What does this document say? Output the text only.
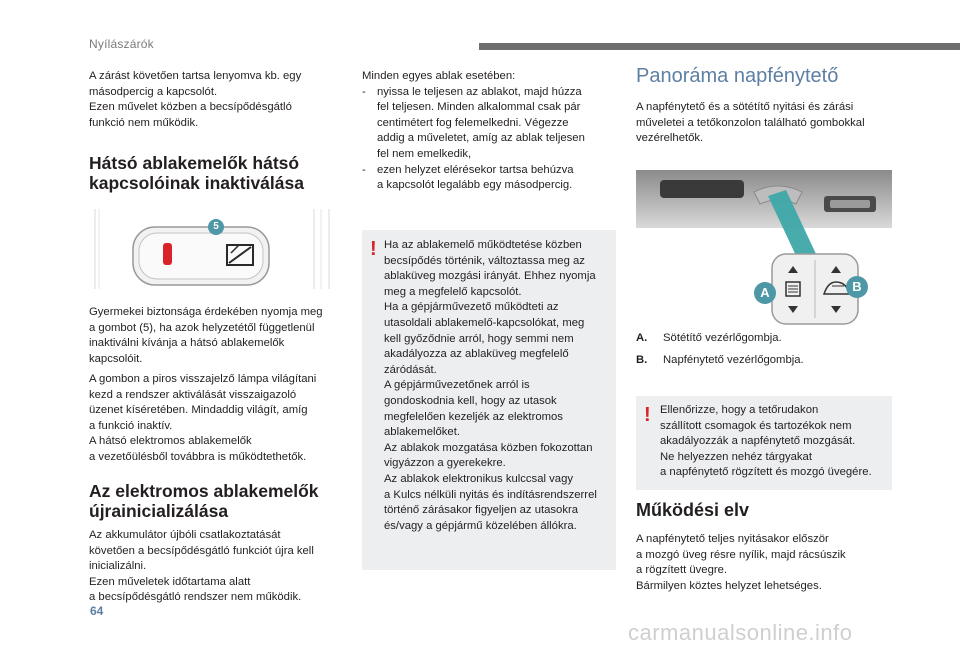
Nyílászárók

A zárást követően tartsa lenyomva kb. egy

másodpercig a kapcsolót.

Ezen művelet közben a becsípődésgátló

funkció nem működik.

Hátsó ablakemelők hátsó

kapcsolóinak inaktiválása

5

Gyermekei biztonsága érdekében nyomja meg

a gombot (5), ha azok helyzetétől függetlenül

inaktiválni kívánja a hátsó ablakemelők

kapcsolóit.

A gombon a piros visszajelző lámpa világítani

kezd a rendszer aktiválását visszaigazoló

üzenet kíséretében. Mindaddig világít, amíg

a funkció inaktív.

A hátsó elektromos ablakemelők

a vezetőülésből továbbra is működtethetők.

Az elektromos ablakemelők

újrainicializálása

Az akkumulátor újbóli csatlakoztatását

követően a becsípődésgátló funkciót újra kell

inicializálni.

Ezen műveletek időtartama alatt

a becsípődésgátló rendszer nem működik.

Minden egyes ablak esetében:

- nyissa le teljesen az ablakot, majd húzza
fel teljesen. Minden alkalommal csak pár
centimétert fog felemelkedni. Végezze
addig a műveletet, amíg az ablak teljesen
fel nem emelkedik,
- ezen helyzet elérésekor tartsa behúzva
a kapcsolót legalább egy másodpercig.
! Ha az ablakemelő működtetése közben

becsípődés történik, változtassa meg az

ablaküveg mozgási irányát. Ehhez nyomja

meg a megfelelő kapcsolót.

Ha a gépjárművezető működteti az

utasoldali ablakemelő-kapcsolókat, meg

kell győződnie arról, hogy semmi nem

akadályozza az ablaküveg megfelelő

záródását.

A gépjárművezetőnek arról is

gondoskodnia kell, hogy az utasok

megfelelően kezeljék az elektromos

ablakemelőket.

Az ablakok mozgatása közben fokozottan

vigyázzon a gyerekekre.

Az ablakok elektronikus kulccsal vagy

a Kulcs nélküli nyitás és indításrendszerrel

történő zárásakor figyeljen az utasokra

és/vagy a gépjármű közelében állókra.

Panoráma napfénytető

A napfénytető és a sötétítő nyitási és zárási

műveletei a tetőkonzolon található gombokkal

vezérelhetők.

A	B
A. Sötétítő vezérlőgombja.
B. Napfénytető vezérlőgombja.
! Ellenőrizze, hogy a tetőrudakon

szállított csomagok és tartozékok nem

akadályozzák a napfénytető mozgását.

Ne helyezzen nehéz tárgyakat

a napfénytető rögzített és mozgó üvegére.

Működési elv

A napfénytető teljes nyitásakor először

a mozgó üveg résre nyílik, majd rácsúszik

a rögzített üvegre.

Bármilyen köztes helyzet lehetséges.

64
carmanualsonline.info
